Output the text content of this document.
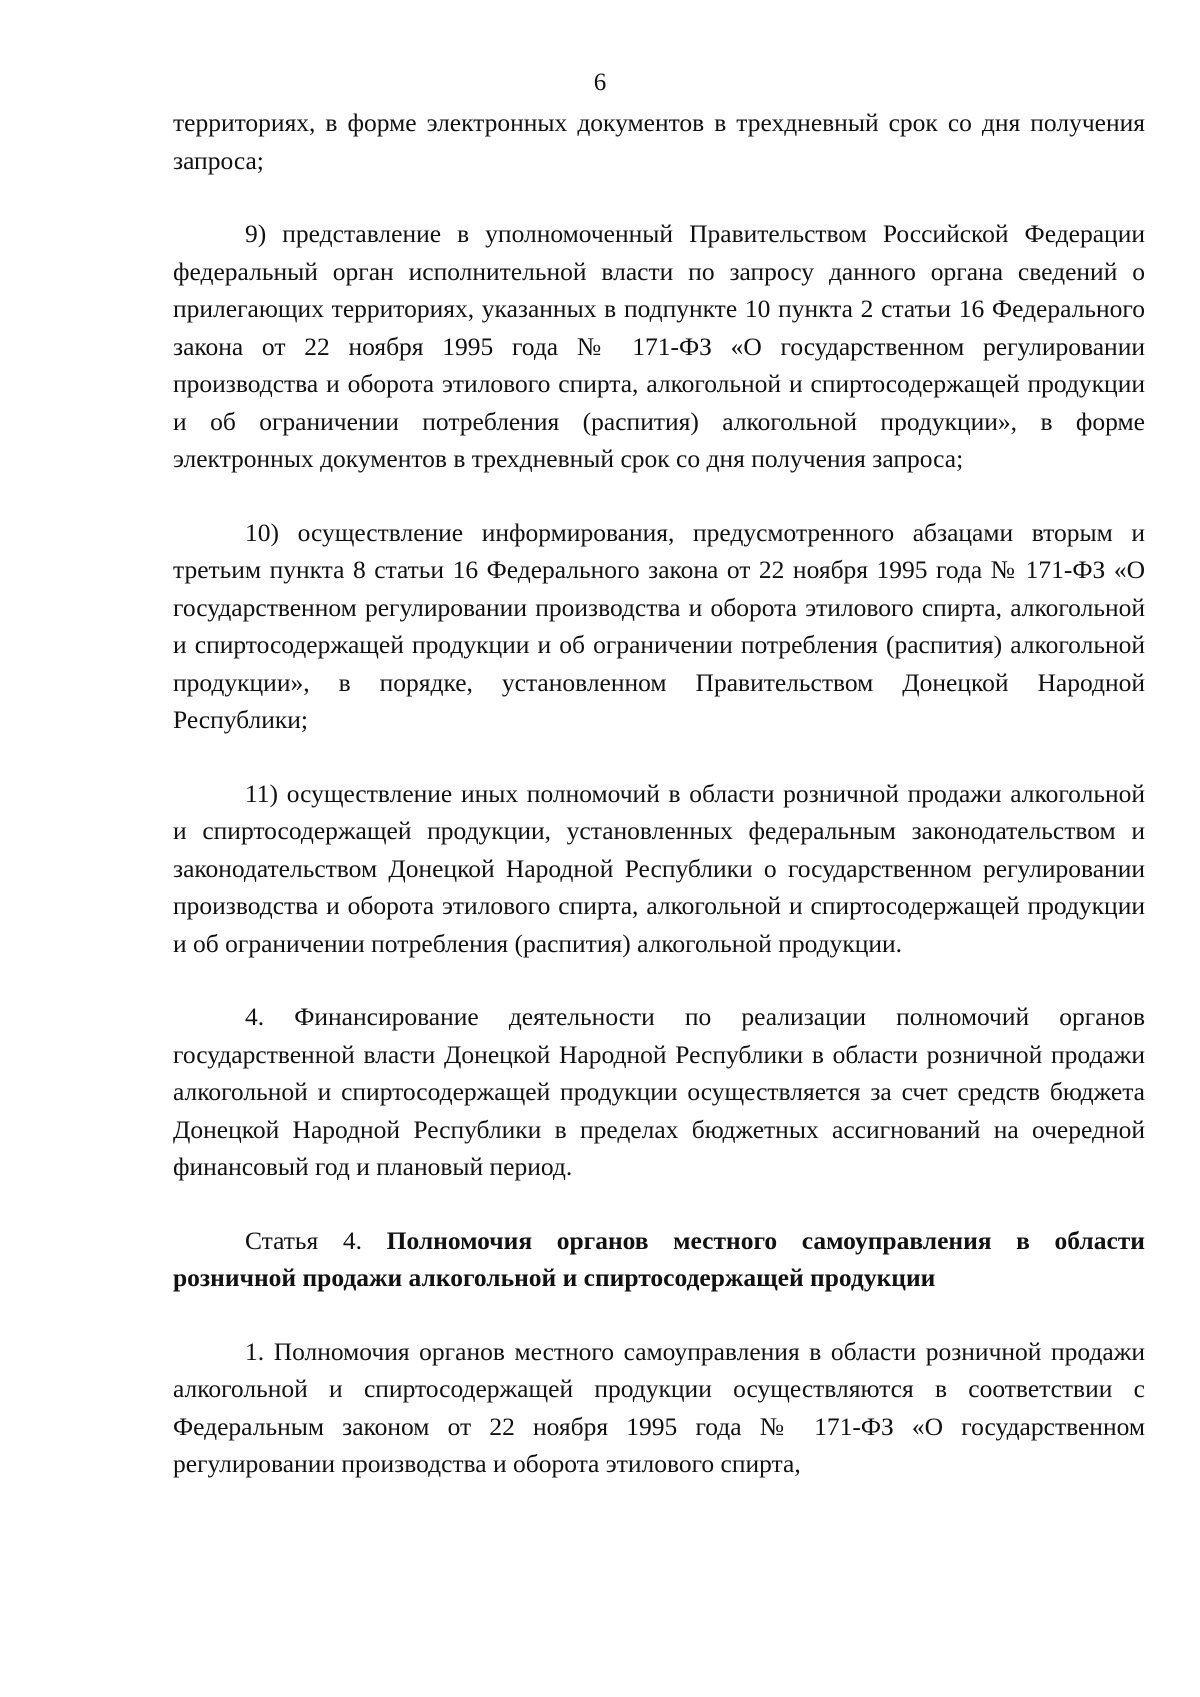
6

территориях, в форме электронных документов в трехдневный срок со дня получения запроса;

9) представление в уполномоченный Правительством Российской Федерации федеральный орган исполнительной власти по запросу данного органа сведений о прилегающих территориях, указанных в подпункте 10 пункта 2 статьи 16 Федерального закона от 22 ноября 1995 года № 171-ФЗ «О государственном регулировании производства и оборота этилового спирта, алкогольной и спиртосодержащей продукции и об ограничении потребления (распития) алкогольной продукции», в форме электронных документов в трехдневный срок со дня получения запроса;

10) осуществление информирования, предусмотренного абзацами вторым и третьим пункта 8 статьи 16 Федерального закона от 22 ноября 1995 года № 171-ФЗ «О государственном регулировании производства и оборота этилового спирта, алкогольной и спиртосодержащей продукции и об ограничении потребления (распития) алкогольной продукции», в порядке, установленном Правительством Донецкой Народной Республики;

11) осуществление иных полномочий в области розничной продажи алкогольной и спиртосодержащей продукции, установленных федеральным законодательством и законодательством Донецкой Народной Республики о государственном регулировании производства и оборота этилового спирта, алкогольной и спиртосодержащей продукции и об ограничении потребления (распития) алкогольной продукции.

4. Финансирование деятельности по реализации полномочий органов государственной власти Донецкой Народной Республики в области розничной продажи алкогольной и спиртосодержащей продукции осуществляется за счет средств бюджета Донецкой Народной Республики в пределах бюджетных ассигнований на очередной финансовый год и плановый период.

Статья 4. Полномочия органов местного самоуправления в области розничной продажи алкогольной и спиртосодержащей продукции

1. Полномочия органов местного самоуправления в области розничной продажи алкогольной и спиртосодержащей продукции осуществляются в соответствии с Федеральным законом от 22 ноября 1995 года № 171-ФЗ «О государственном регулировании производства и оборота этилового спирта,
